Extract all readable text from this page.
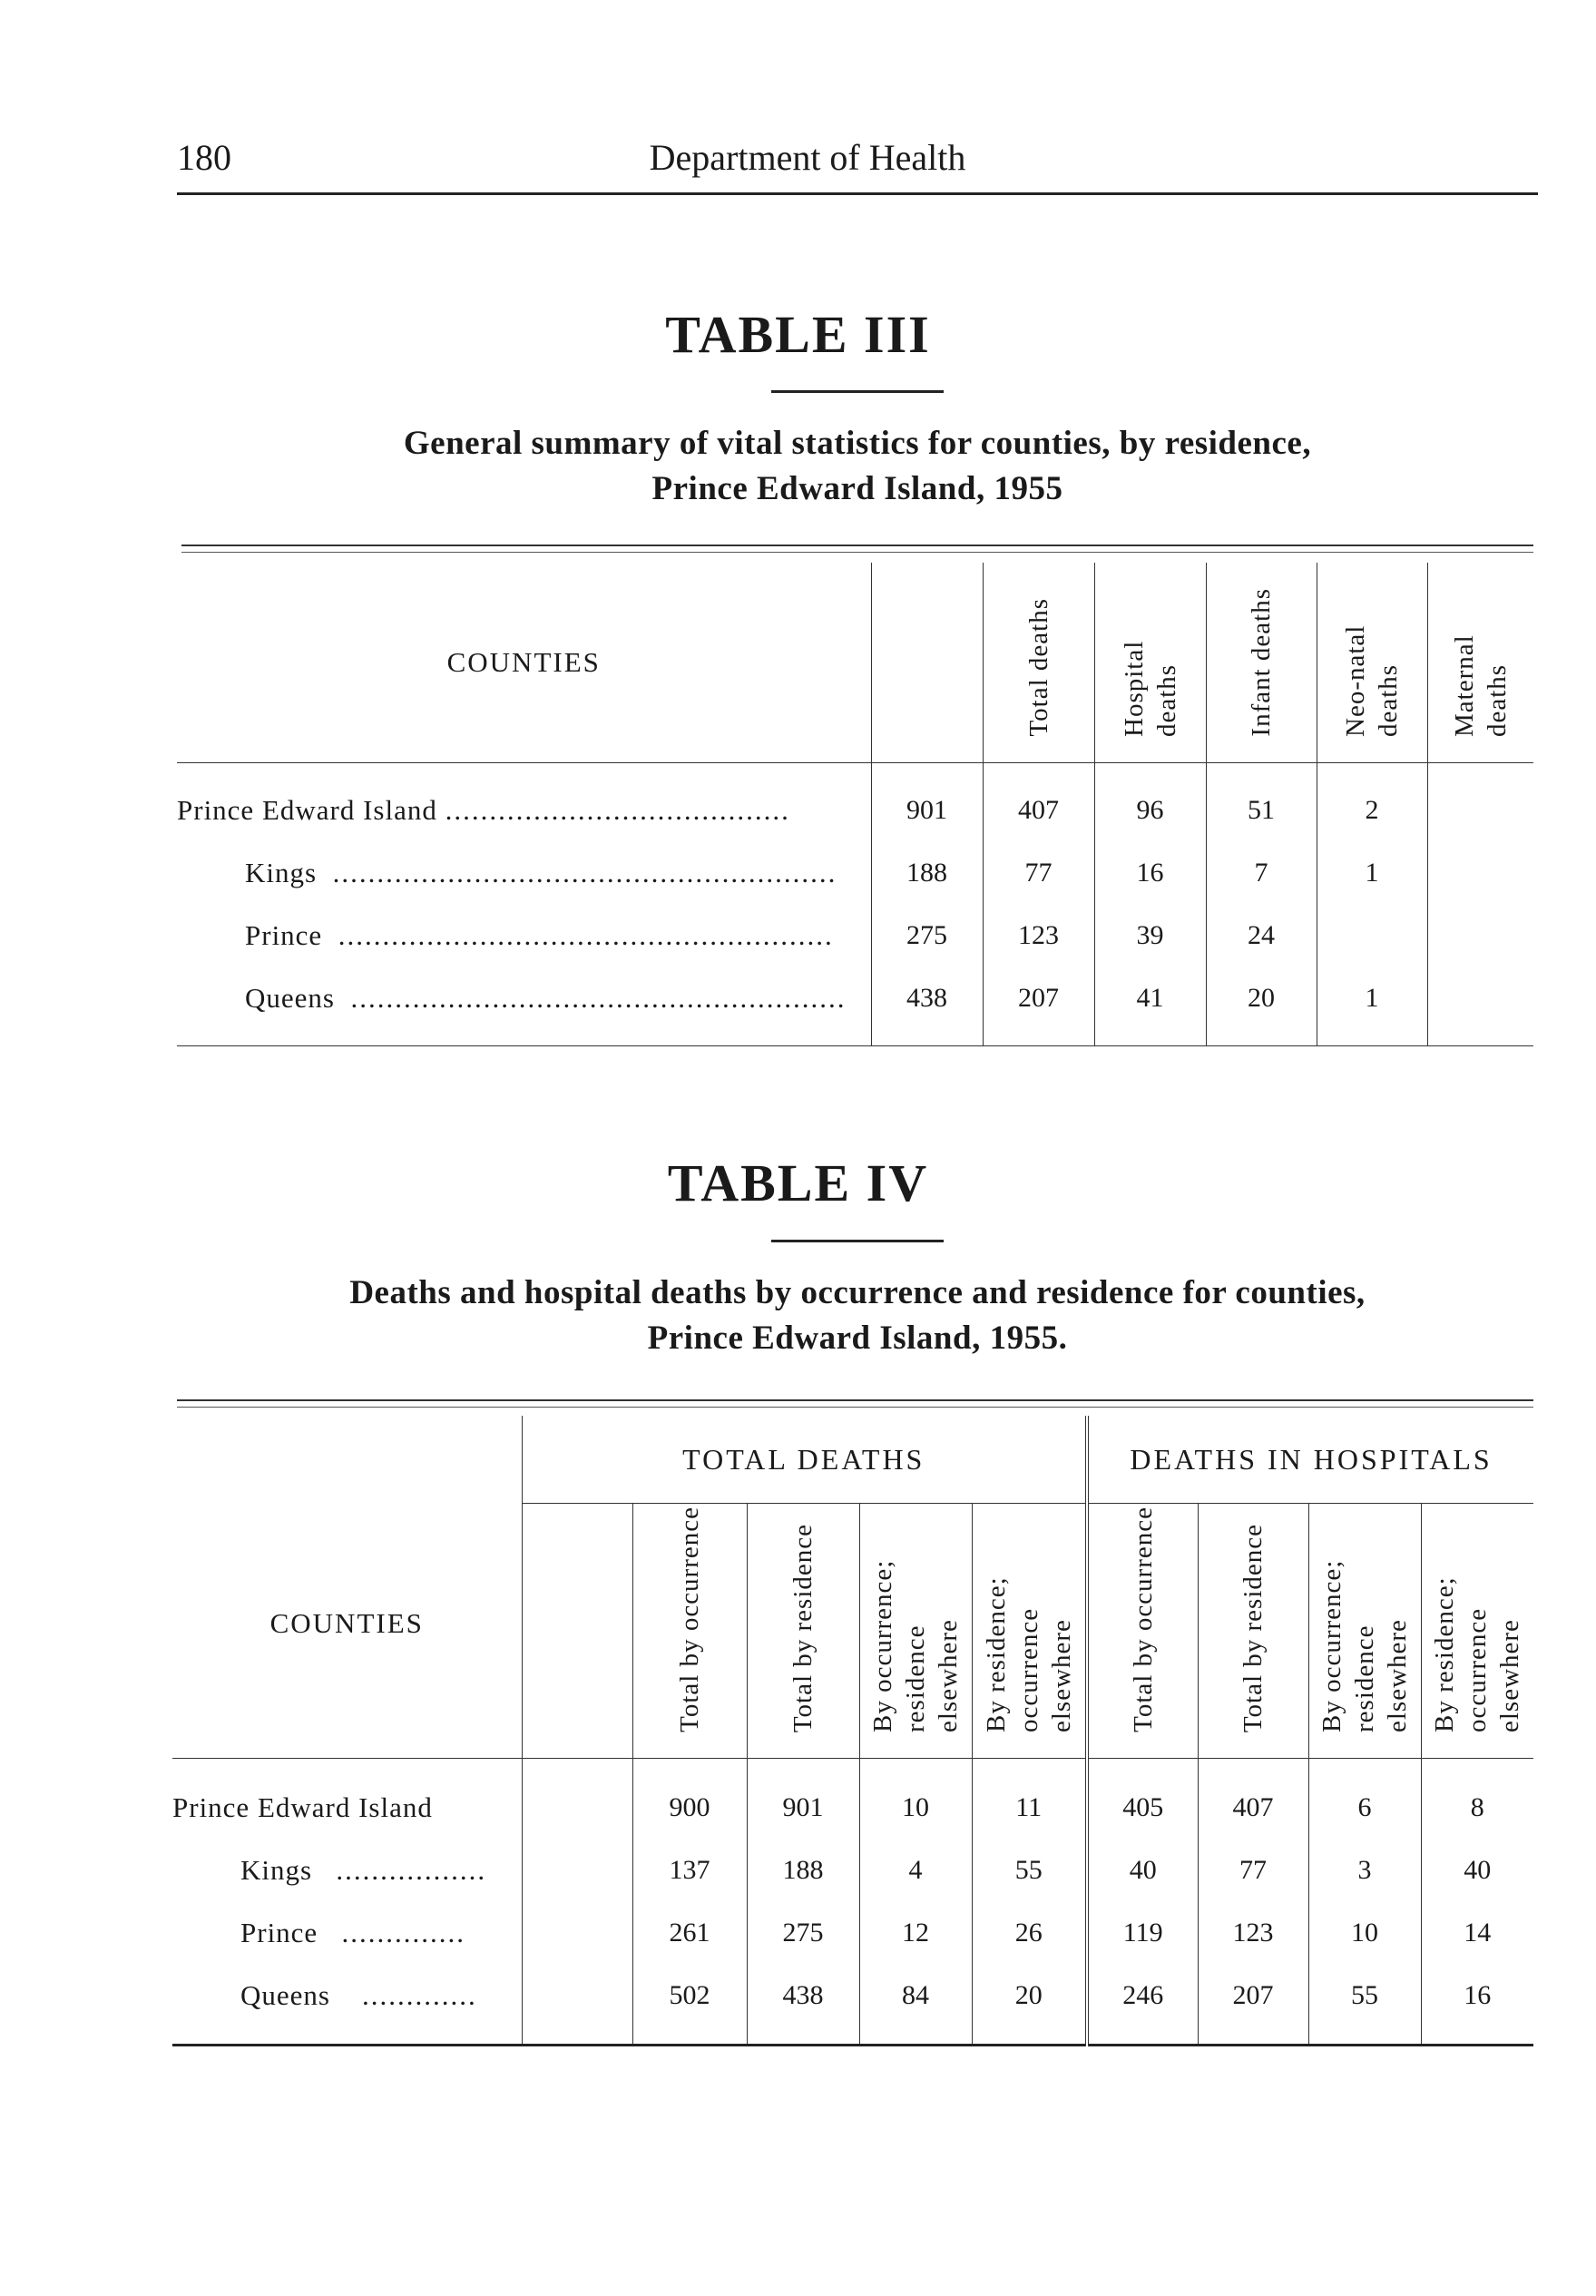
180	Department of Health
TABLE III
General summary of vital statistics for counties, by residence,
Prince Edward Island, 1955
COUNTIES		Total deaths	Hospital deaths	Infant deaths	Neo-natal deaths	Maternal deaths

Prince Edward Island .......................................	901	407	96	51	2	
Kings .........................................................	188	77	16	7	1	
Prince ........................................................	275	123	39	24		
Queens ........................................................	438	207	41	20	1	

TABLE IV
Deaths and hospital deaths by occurrence and residence for counties,
Prince Edward Island, 1955.
COUNTIES	TOTAL DEATHS					DEATHS IN HOSPITALS			

		Total by occurrence	Total by residence	By occurrence; residence elsewhere	By residence; occurrence elsewhere	Total by occurrence	Total by residence	By occurrence; residence elsewhere	By residence; occurrence elsewhere

Prince Edward Island		900	901	10	11	405	407	6	8
Kings .................		137	188	4	55	40	77	3	40
Prince ..............		261	275	12	26	119	123	10	14
Queens .............		502	438	84	20	246	207	55	16
